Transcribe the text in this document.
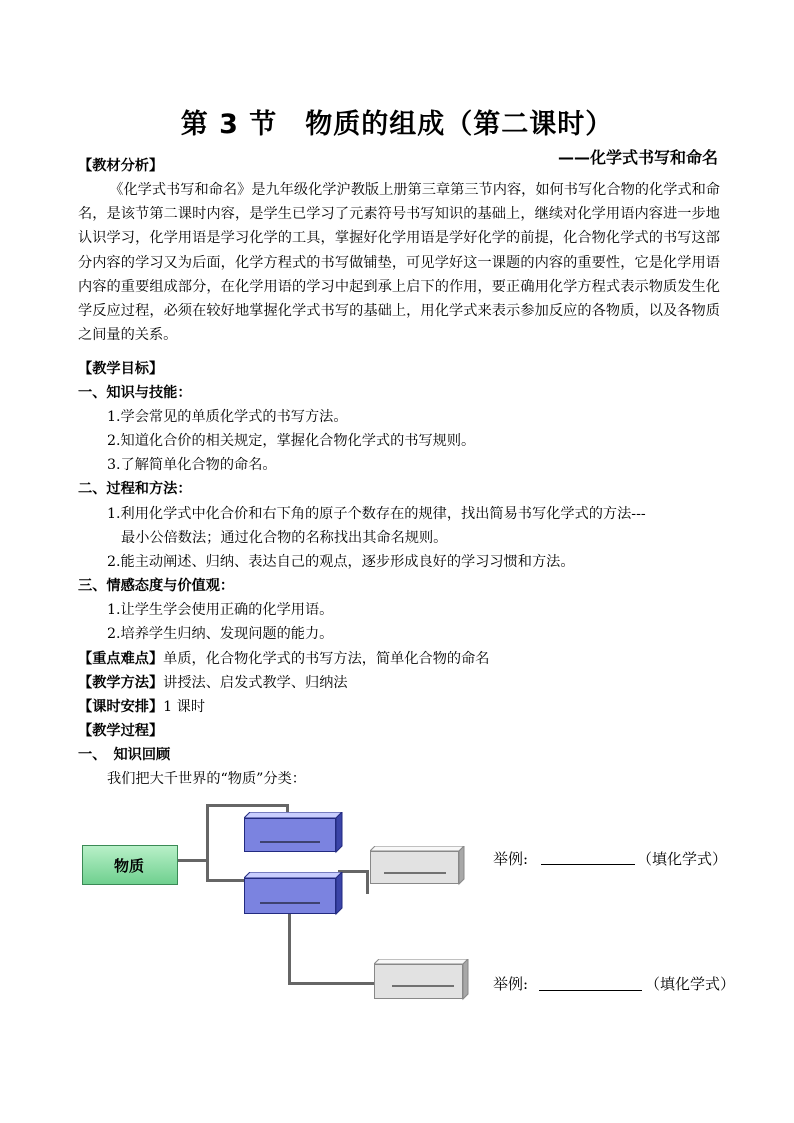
第 3 节　物质的组成（第二课时）
——化学式书写和命名
【教材分析】
《化学式书写和命名》是九年级化学沪教版上册第三章第三节内容，如何书写化合物的化学式和命名，是该节第二课时内容，是学生已学习了元素符号书写知识的基础上，继续对化学用语内容进一步地认识学习，化学用语是学习化学的工具，掌握好化学用语是学好化学的前提，化合物化学式的书写这部分内容的学习又为后面，化学方程式的书写做铺垫，可见学好这一课题的内容的重要性，它是化学用语内容的重要组成部分，在化学用语的学习中起到承上启下的作用，要正确用化学方程式表示物质发生化学反应过程，必须在较好地掌握化学式书写的基础上，用化学式来表示参加反应的各物质，以及各物质之间量的关系。
【教学目标】
一、知识与技能：
1.学会常见的单质化学式的书写方法。
2.知道化合价的相关规定，掌握化合物化学式的书写规则。
3.了解简单化合物的命名。
二、过程和方法：
1.利用化学式中化合价和右下角的原子个数存在的规律，找出简易书写化学式的方法---
最小公倍数法；通过化合物的名称找出其命名规则。
2.能主动阐述、归纳、表达自己的观点，逐步形成良好的学习习惯和方法。
三、情感态度与价值观：
1.让学生学会使用正确的化学用语。
2.培养学生归纳、发现问题的能力。
【重点难点】单质，化合物化学式的书写方法，简单化合物的命名
【教学方法】讲授法、启发式教学、归纳法
【课时安排】1 课时
【教学过程】
一、　知识回顾
我们把大千世界的“物质”分类：
物质	举例:	（填化学式）
举例:	（填化学式）
